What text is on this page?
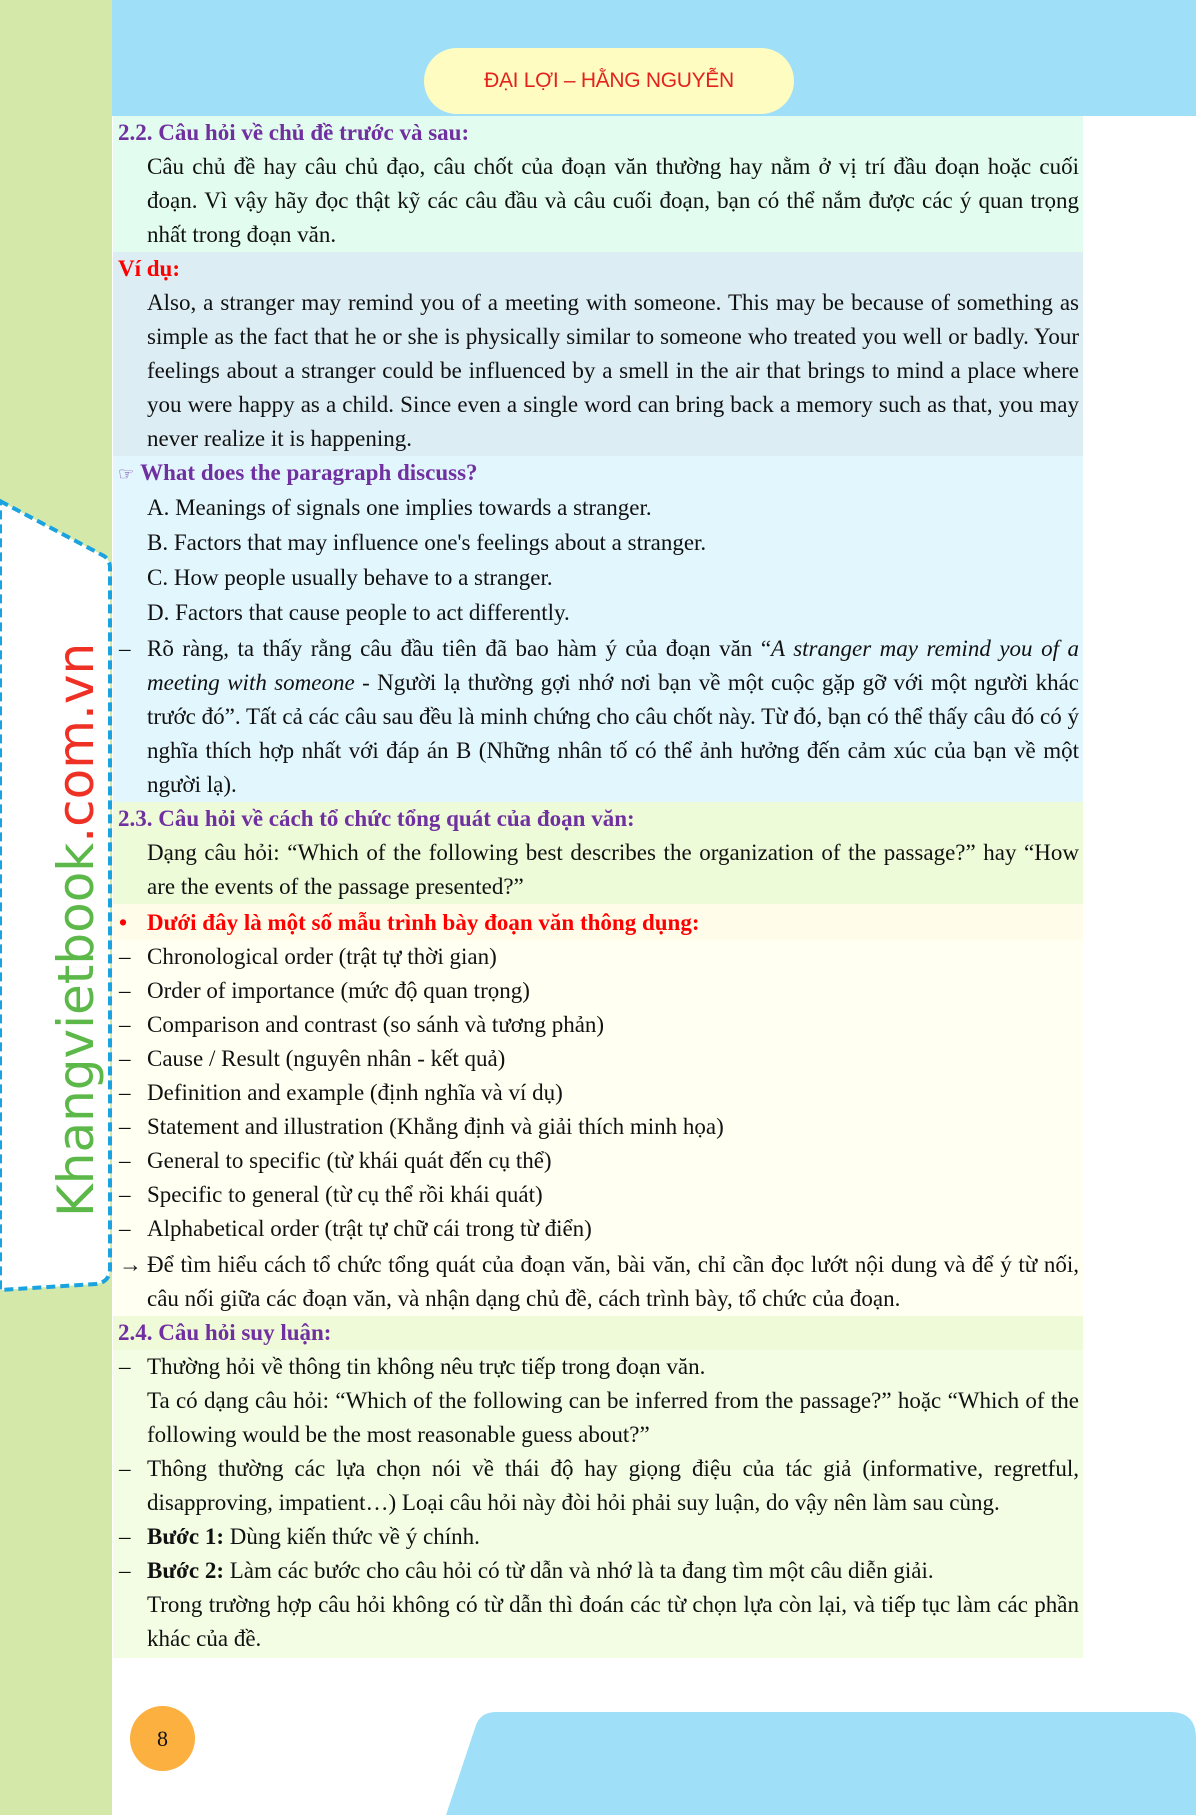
ĐẠI LỢI – HẰNG NGUYỄN
Khangvietbook.com.vn
2.2. Câu hỏi về chủ đề trước và sau:
Câu chủ đề hay câu chủ đạo, câu chốt của đoạn văn thường hay nằm ở vị trí đầu đoạn hoặc cuối đoạn. Vì vậy hãy đọc thật kỹ các câu đầu và câu cuối đoạn, bạn có thể nắm được các ý quan trọng nhất trong đoạn văn.
Ví dụ:
Also, a stranger may remind you of a meeting with someone. This may be because of something as simple as the fact that he or she is physically similar to someone who treated you well or badly. Your feelings about a stranger could be influenced by a smell in the air that brings to mind a place where you were happy as a child. Since even a single word can bring back a memory such as that, you may never realize it is happening.
☞ What does the paragraph discuss?
A. Meanings of signals one implies towards a stranger.
B. Factors that may influence one's feelings about a stranger.
C. How people usually behave to a stranger.
D. Factors that cause people to act differently.
– Rõ ràng, ta thấy rằng câu đầu tiên đã bao hàm ý của đoạn văn “A stranger may remind you of a meeting with someone - Người lạ thường gợi nhớ nơi bạn về một cuộc gặp gỡ với một người khác trước đó”. Tất cả các câu sau đều là minh chứng cho câu chốt này. Từ đó, bạn có thể thấy câu đó có ý nghĩa thích hợp nhất với đáp án B (Những nhân tố có thể ảnh hưởng đến cảm xúc của bạn về một người lạ).
2.3. Câu hỏi về cách tổ chức tổng quát của đoạn văn:
Dạng câu hỏi: “Which of the following best describes the organization of the passage?” hay “How are the events of the passage presented?”
• Dưới đây là một số mẫu trình bày đoạn văn thông dụng:
– Chronological order (trật tự thời gian)
– Order of importance (mức độ quan trọng)
– Comparison and contrast (so sánh và tương phản)
– Cause / Result (nguyên nhân - kết quả)
– Definition and example (định nghĩa và ví dụ)
– Statement and illustration (Khẳng định và giải thích minh họa)
– General to specific (từ khái quát đến cụ thể)
– Specific to general (từ cụ thể rồi khái quát)
– Alphabetical order (trật tự chữ cái trong từ điển)
→ Để tìm hiểu cách tổ chức tổng quát của đoạn văn, bài văn, chỉ cần đọc lướt nội dung và để ý từ nối, câu nối giữa các đoạn văn, và nhận dạng chủ đề, cách trình bày, tổ chức của đoạn.
2.4. Câu hỏi suy luận:
– Thường hỏi về thông tin không nêu trực tiếp trong đoạn văn.
Ta có dạng câu hỏi: “Which of the following can be inferred from the passage?” hoặc “Which of the following would be the most reasonable guess about?”
– Thông thường các lựa chọn nói về thái độ hay giọng điệu của tác giả (informative, regretful, disapproving, impatient…) Loại câu hỏi này đòi hỏi phải suy luận, do vậy nên làm sau cùng.
– Bước 1: Dùng kiến thức về ý chính.
– Bước 2: Làm các bước cho câu hỏi có từ dẫn và nhớ là ta đang tìm một câu diễn giải.
Trong trường hợp câu hỏi không có từ dẫn thì đoán các từ chọn lựa còn lại, và tiếp tục làm các phần khác của đề.
8
